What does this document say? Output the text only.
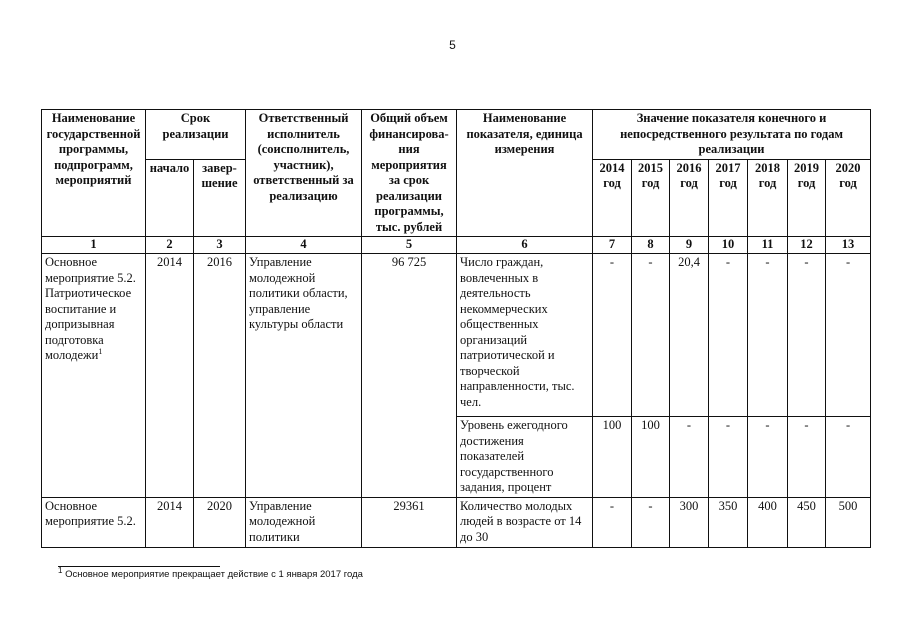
5
Наименование государственной программы, подпрограмм, мероприятий	Срок реализации		Ответственный исполнитель (соисполнитель, участник), ответственный за реализацию	Общий объем финансирова-ния мероприятия за срок реализации программы, тыс. рублей	Наименование показателя, единица измерения	Значение показателя конечного и непосредственного результата по годам реализации						
	начало	завер-шение				2014 год	2015 год	2016 год	2017 год	2018 год	2019 год	2020 год
1	2	3	4	5	6	7	8	9	10	11	12	13
Основное мероприятие 5.2. Патриотическое воспитание и допризывная подготовка молодежи$^1$	2014	2016	Управление молодежной политики области, управление культуры области	96 725	Число граждан, вовлеченных в деятельность некоммерческих общественных организаций патриотической и творческой направленности, тыс. чел.	-	-	20,4	-	-	-	-
					Уровень ежегодного достижения показателей государственного задания, процент	100	100	-	-	-	-	-
Основное мероприятие 5.2.	2014	2020	Управление молодежной политики	29361	Количество молодых людей в возрасте от 14 до 30	-	-	300	350	400	450	500
$^1$ Основное мероприятие прекращает действие с 1 января 2017 года
